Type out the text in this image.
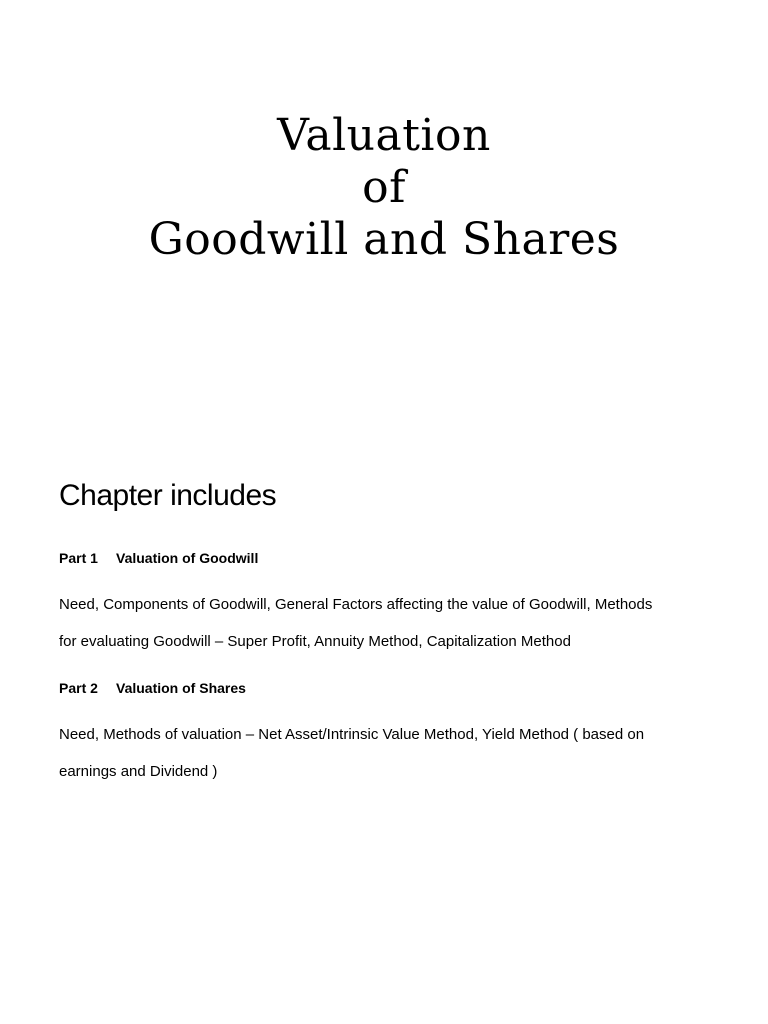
Valuation
of
Goodwill and Shares
Chapter includes
Part 1 Valuation of Goodwill
Need, Components of Goodwill, General Factors affecting the value of Goodwill, Methods
for evaluating Goodwill – Super Profit, Annuity Method, Capitalization Method
Part 2 Valuation of Shares
Need, Methods of valuation – Net Asset/Intrinsic Value Method, Yield Method ( based on
earnings and Dividend )
